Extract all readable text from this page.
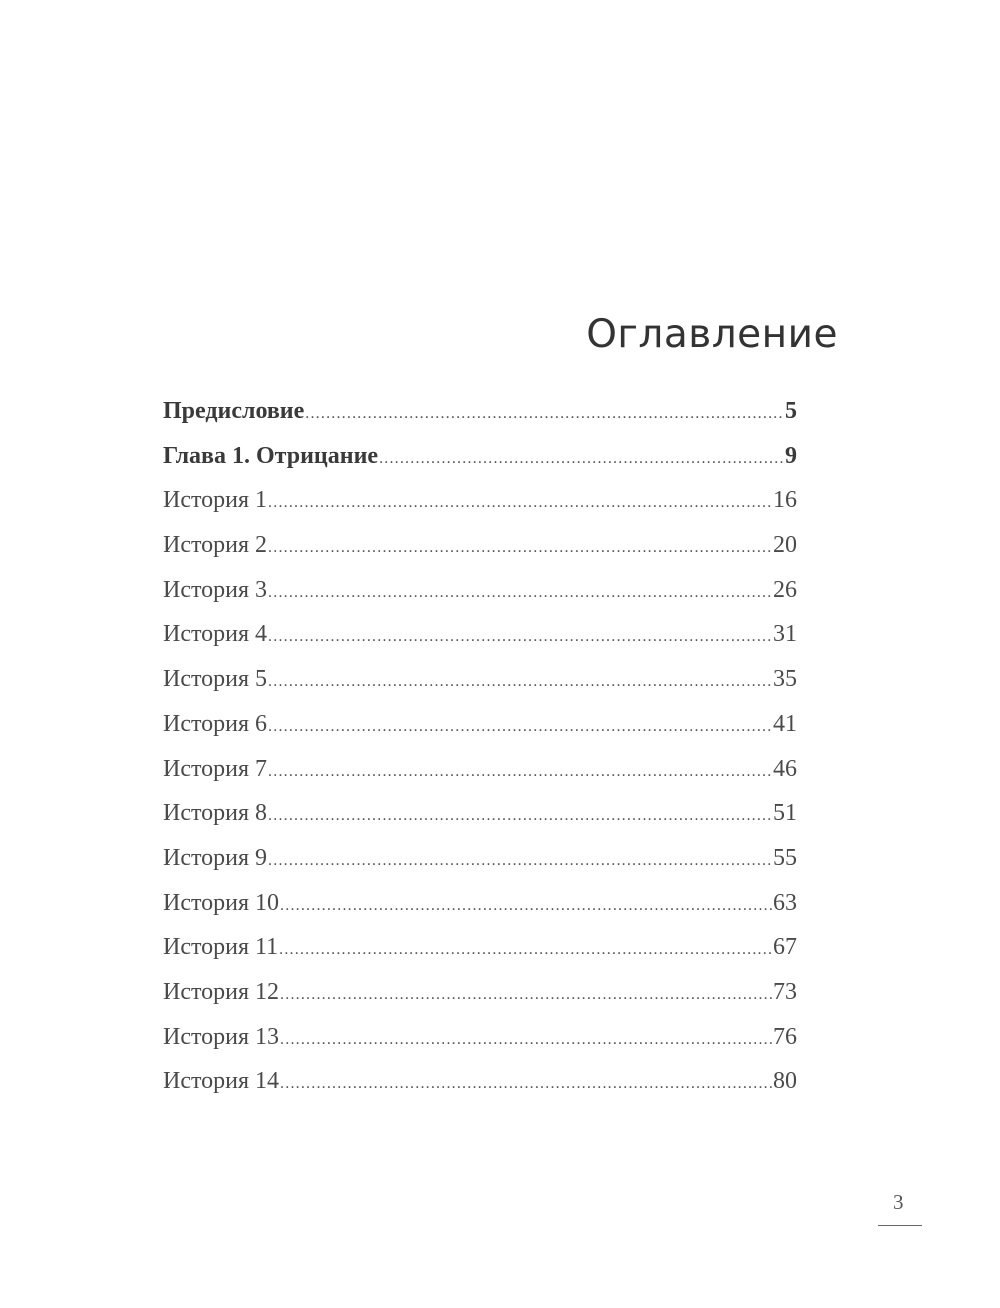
Оглавление
Предисловие .....	5
Глава 1. Отрицание .....	9
История 1 .....	16
История 2 .....	20
История 3 .....	26
История 4 .....	31
История 5 .....	35
История 6 .....	41
История 7 .....	46
История 8 .....	51
История 9 .....	55
История 10 .....	63
История 11 .....	67
История 12 .....	73
История 13 .....	76
История 14 .....	80
3
